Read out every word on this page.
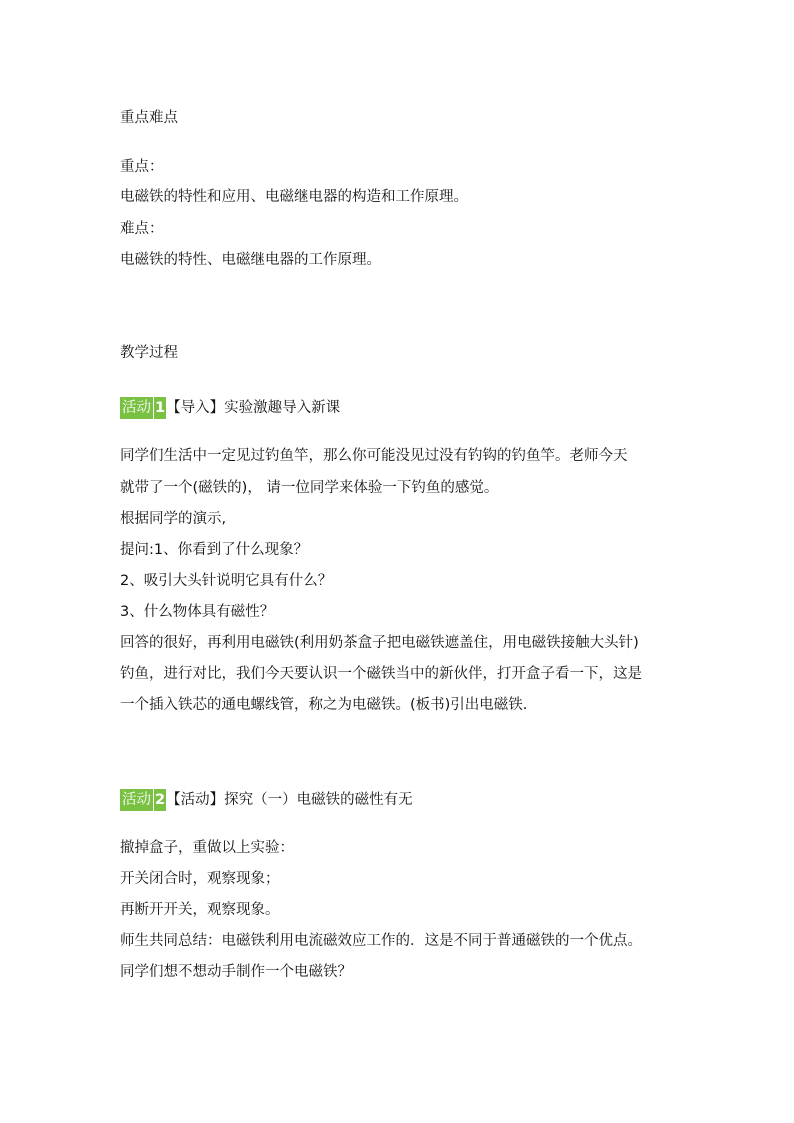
重点难点
重点：
电磁铁的特性和应用、电磁继电器的构造和工作原理。
难点：
电磁铁的特性、电磁继电器的工作原理。
教学过程
活动 1【导入】实验激趣导入新课
同学们生活中一定见过钓鱼竿，那么你可能没见过没有钓钩的钓鱼竿。老师今天
就带了一个(磁铁的)， 请一位同学来体验一下钓鱼的感觉。
根据同学的演示,
提问:1、你看到了什么现象？
2、吸引大头针说明它具有什么？
3、什么物体具有磁性？
回答的很好，再利用电磁铁(利用奶茶盒子把电磁铁遮盖住，用电磁铁接触大头针)
钓鱼，进行对比，我们今天要认识一个磁铁当中的新伙伴，打开盒子看一下，这是
一个插入铁芯的通电螺线管，称之为电磁铁。(板书)引出电磁铁.
活动 2【活动】探究（一）电磁铁的磁性有无
撤掉盒子，重做以上实验：
开关闭合时，观察现象；
再断开开关，观察现象。
师生共同总结：电磁铁利用电流磁效应工作的．这是不同于普通磁铁的一个优点。
同学们想不想动手制作一个电磁铁？
